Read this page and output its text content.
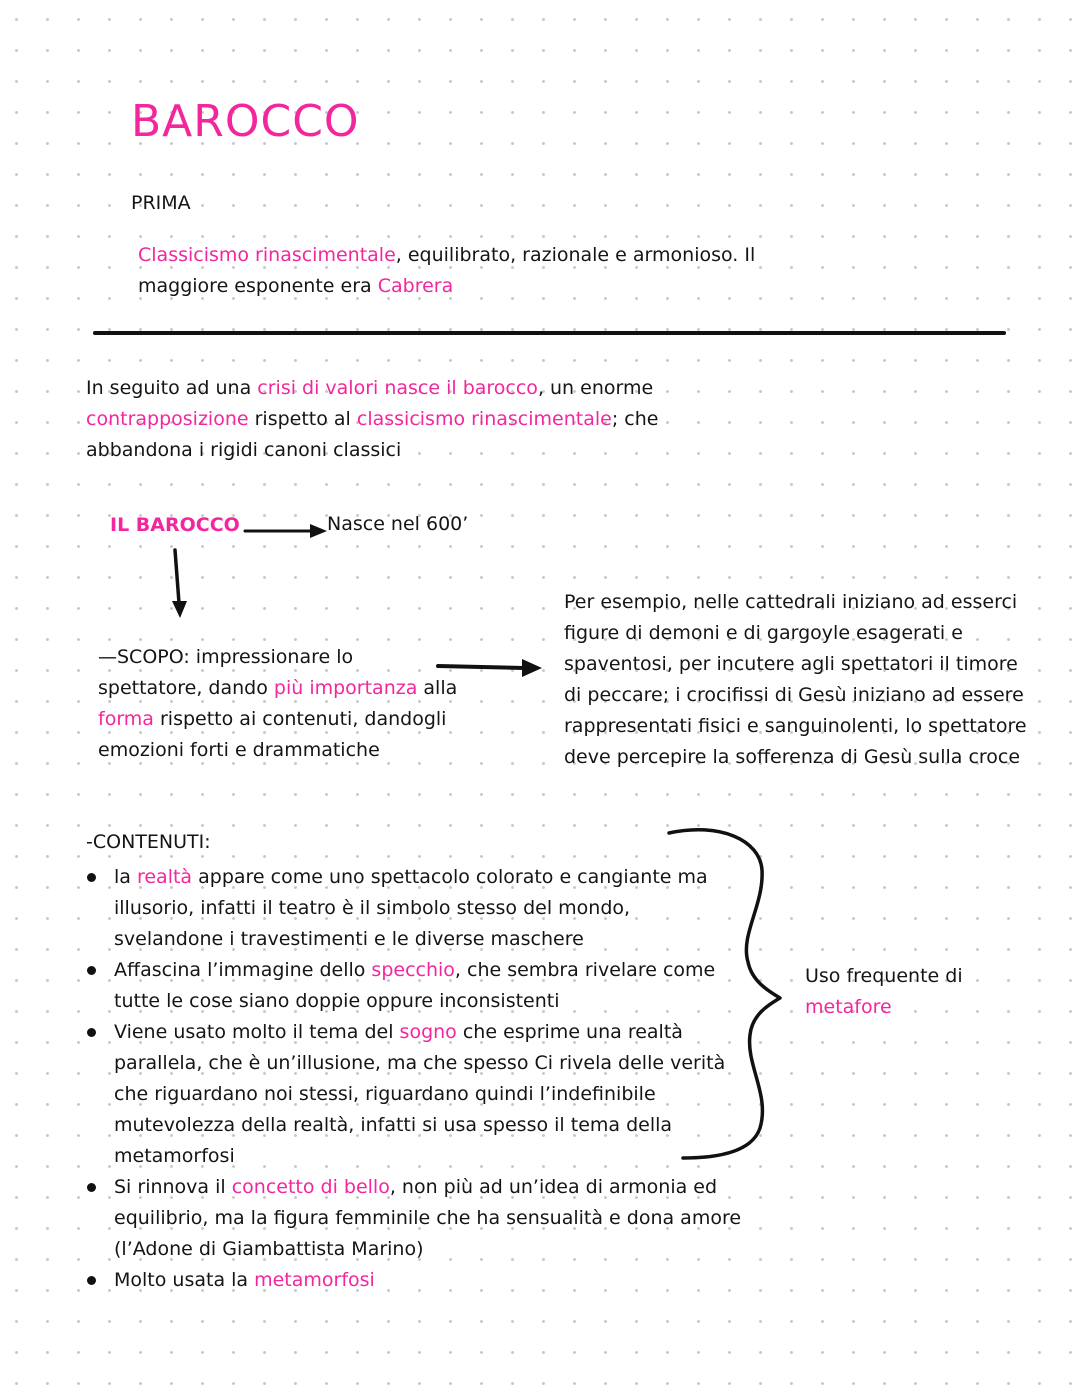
BAROCCO
PRIMA
Classicismo rinascimentale, equilibrato, razionale e armonioso. Il maggiore esponente era Cabrera
In seguito ad una crisi di valori nasce il barocco, un enorme contrapposizione rispetto al classicismo rinascimentale; che abbandona i rigidi canoni classici
IL BAROCCO	Nasce nel 600’
—SCOPO: impressionare lo spettatore, dando più importanza alla forma rispetto ai contenuti, dandogli emozioni forti e drammatiche
Per esempio, nelle cattedrali iniziano ad esserci figure di demoni e di gargoyle esagerati e spaventosi, per incutere agli spettatori il timore di peccare; i crocifissi di Gesù iniziano ad essere rappresentati fisici e sanguinolenti, lo spettatore deve percepire la sofferenza di Gesù sulla croce
-CONTENUTI:
la realtà appare come uno spettacolo colorato e cangiante ma illusorio, infatti il teatro è il simbolo stesso del mondo, svelandone i travestimenti e le diverse maschere
Affascina l’immagine dello specchio, che sembra rivelare come tutte le cose siano doppie oppure inconsistenti
Viene usato molto il tema del sogno che esprime una realtà parallela, che è un’illusione, ma che spesso Ci rivela delle verità che riguardano noi stessi, riguardano quindi l’indefinibile mutevolezza della realtà, infatti si usa spesso il tema della metamorfosi
Si rinnova il concetto di bello, non più ad un’idea di armonia ed equilibrio, ma la figura femminile che ha sensualità e dona amore (l’Adone di Giambattista Marino)
Molto usata la metamorfosi
Uso frequente di metafore
